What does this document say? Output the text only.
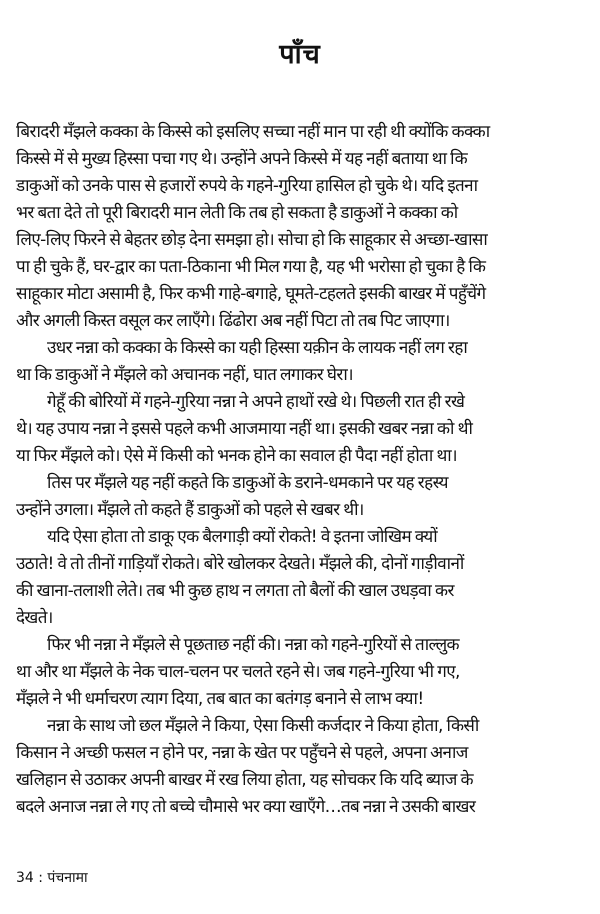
पाँच
बिरादरी मँझले कक्का के किस्से को इसलिए सच्चा नहीं मान पा रही थी क्योंकि कक्का
किस्से में से मुख्य हिस्सा पचा गए थे। उन्होंने अपने किस्से में यह नहीं बताया था कि
डाकुओं को उनके पास से हजारों रुपये के गहने-गुरिया हासिल हो चुके थे। यदि इतना
भर बता देते तो पूरी बिरादरी मान लेती कि तब हो सकता है डाकुओं ने कक्का को
लिए-लिए फिरने से बेहतर छोड़ देना समझा हो। सोचा हो कि साहूकार से अच्छा-खासा
पा ही चुके हैं, घर-द्वार का पता-ठिकाना भी मिल गया है, यह भी भरोसा हो चुका है कि
साहूकार मोटा असामी है, फिर कभी गाहे-बगाहे, घूमते-टहलते इसकी बाखर में पहुँचेंगे
और अगली किस्त वसूल कर लाएँगे। ढिंढोरा अब नहीं पिटा तो तब पिट जाएगा।
उधर नन्ना को कक्का के किस्से का यही हिस्सा यक़ीन के लायक नहीं लग रहा
था कि डाकुओं ने मँझले को अचानक नहीं, घात लगाकर घेरा।
गेहूँ की बोरियों में गहने-गुरिया नन्ना ने अपने हाथों रखे थे। पिछली रात ही रखे
थे। यह उपाय नन्ना ने इससे पहले कभी आजमाया नहीं था। इसकी खबर नन्ना को थी
या फिर मँझले को। ऐसे में किसी को भनक होने का सवाल ही पैदा नहीं होता था।
तिस पर मँझले यह नहीं कहते कि डाकुओं के डराने-धमकाने पर यह रहस्य
उन्होंने उगला। मँझले तो कहते हैं डाकुओं को पहले से खबर थी।
यदि ऐसा होता तो डाकू एक बैलगाड़ी क्यों रोकते! वे इतना जोखिम क्यों
उठाते! वे तो तीनों गाड़ियाँ रोकते। बोरे खोलकर देखते। मँझले की, दोनों गाड़ीवानों
की खाना-तलाशी लेते। तब भी कुछ हाथ न लगता तो बैलों की खाल उधड़वा कर
देखते।
फिर भी नन्ना ने मँझले से पूछताछ नहीं की। नन्ना को गहने-गुरियों से ताल्लुक
था और था मँझले के नेक चाल-चलन पर चलते रहने से। जब गहने-गुरिया भी गए,
मँझले ने भी धर्माचरण त्याग दिया, तब बात का बतंगड़ बनाने से लाभ क्या!
नन्ना के साथ जो छल मँझले ने किया, ऐसा किसी कर्जदार ने किया होता, किसी
किसान ने अच्छी फसल न होने पर, नन्ना के खेत पर पहुँचने से पहले, अपना अनाज
खलिहान से उठाकर अपनी बाखर में रख लिया होता, यह सोचकर कि यदि ब्याज के
बदले अनाज नन्ना ले गए तो बच्चे चौमासे भर क्या खाएँगे…तब नन्ना ने उसकी बाखर
34 : पंचनामा
